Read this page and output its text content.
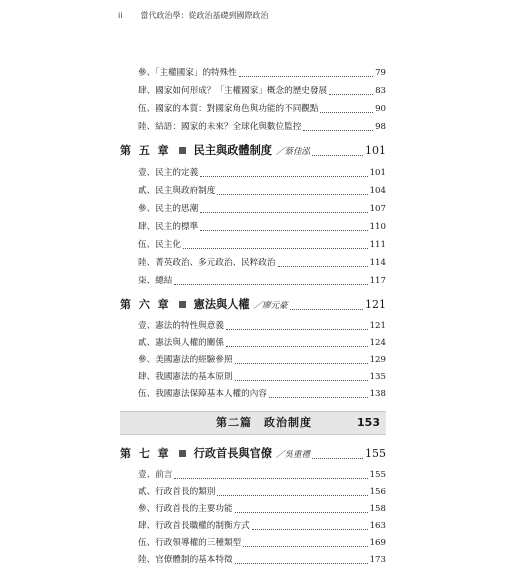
ii 當代政治學：從政治基礎到國際政治
參、「主權國家」的特殊性	79
肆、國家如何形成？「主權國家」概念的歷史發展	83
伍、國家的本質：對國家角色與功能的不同觀點	90
陸、結語：國家的未來？全球化與數位監控	98
第 五 章 民主與政體制度 ／蔡佳泓	101
壹、民主的定義	101
貳、民主與政府制度	104
參、民主的思潮	107
肆、民主的標準	110
伍、民主化	111
陸、菁英政治、多元政治、民粹政治	114
柒、總結	117
第 六 章 憲法與人權 ／廖元豪	121
壹、憲法的特性與意義	121
貳、憲法與人權的關係	124
參、美國憲法的經驗參照	129
肆、我國憲法的基本原則	135
伍、我國憲法保障基本人權的內容	138
第二篇　政治制度	153
第 七 章 行政首長與官僚 ／吳重禮	155
壹、前言	155
貳、行政首長的類別	156
參、行政首長的主要功能	158
肆、行政首長職權的制衡方式	163
伍、行政領導權的三種類型	169
陸、官僚體制的基本特徵	173
